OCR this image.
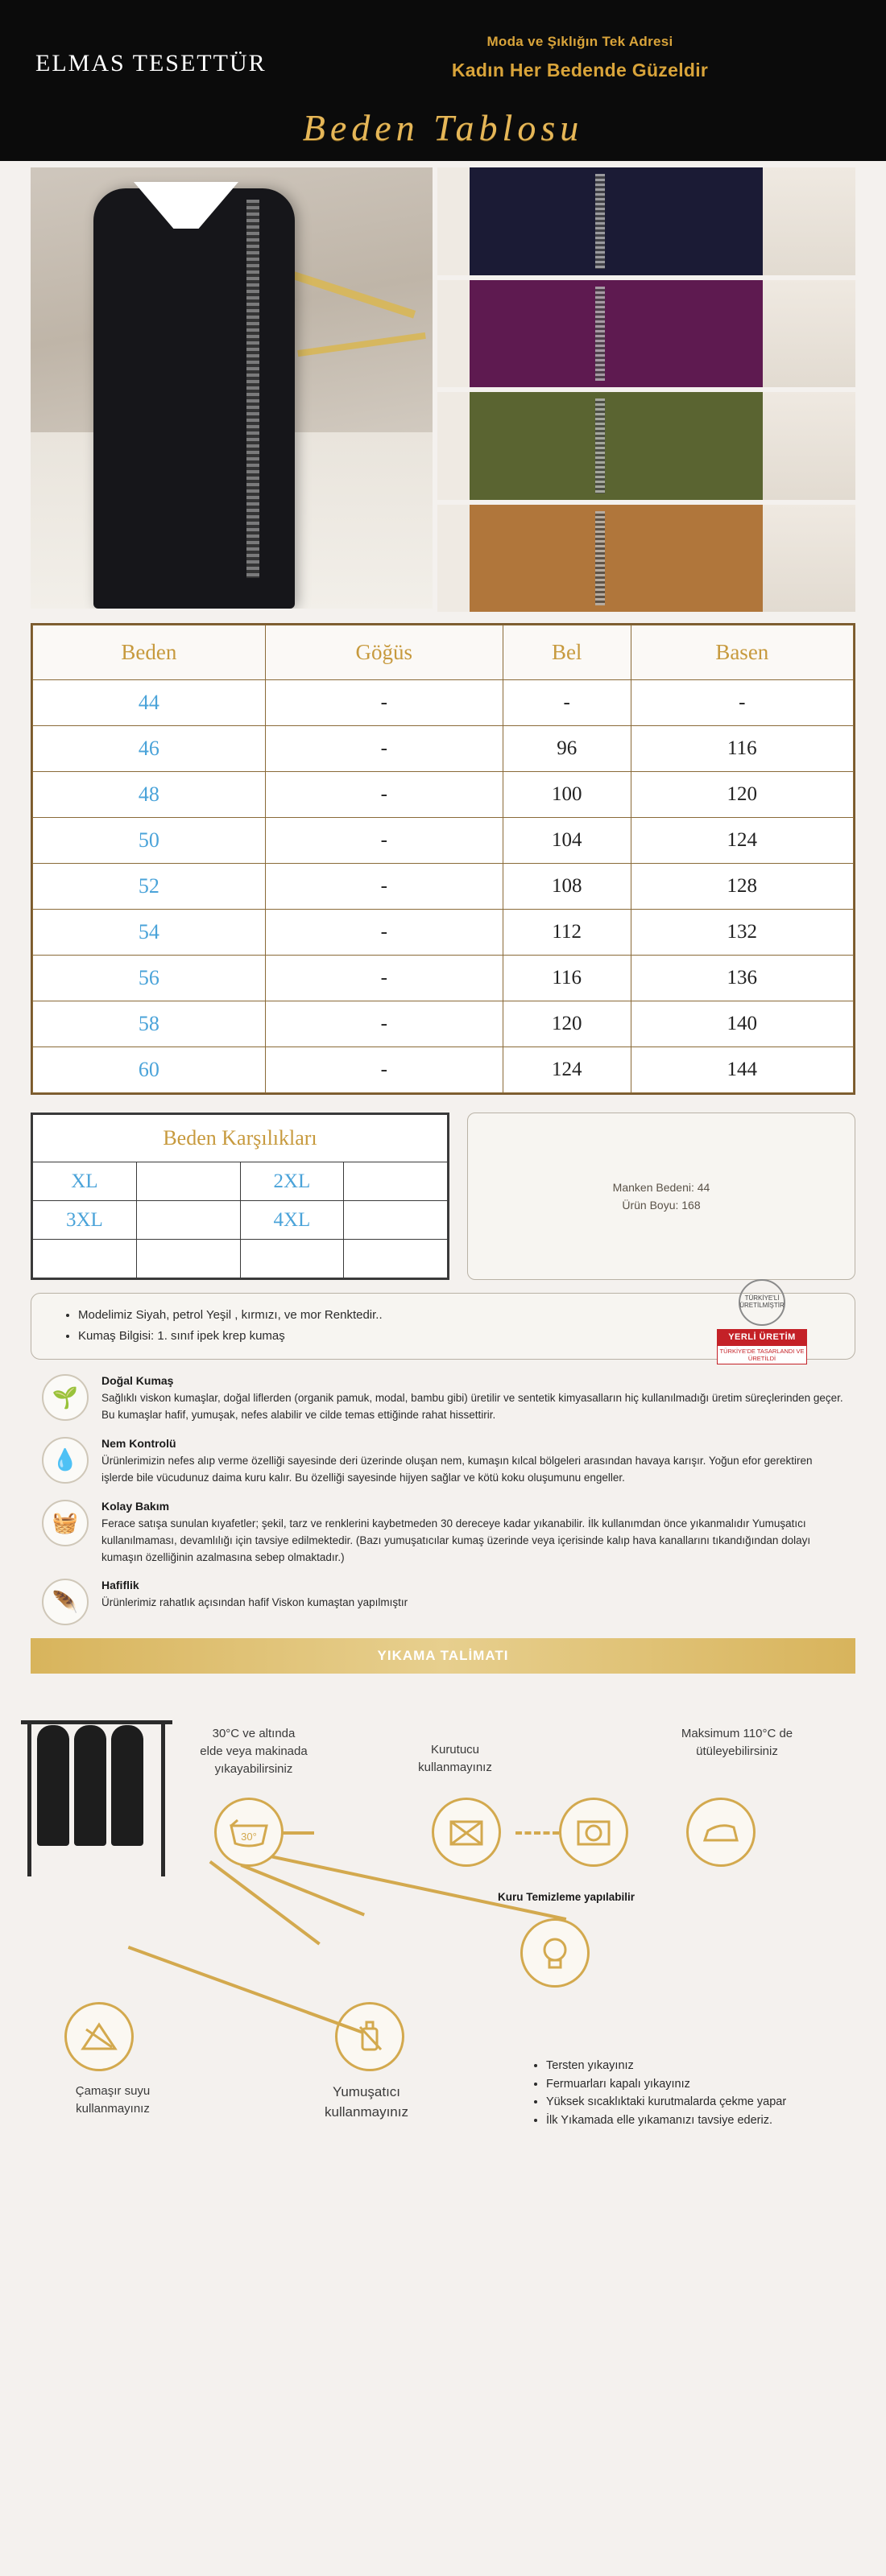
ELMAS TESETTÜR
Moda ve Şıklığın Tek Adresi
Kadın Her Bedende Güzeldir
Beden Tablosu
Beden	Göğüs	Bel	Basen
44	-	-	-
46	-	96	116
48	-	100	120
50	-	104	124
52	-	108	128
54	-	112	132
56	-	116	136
58	-	120	140
60	-	124	144
Beden Karşılıkları			
XL		2XL	
3XL		4XL	

Manken Bedeni: 44
Ürün Boyu: 168
• Modelimiz Siyah, petrol Yeşil , kırmızı, ve mor Renktedir..
• Kumaş Bilgisi: 1. sınıf ipek krep kumaş
🌱
Doğal Kumaş

Sağlıklı viskon kumaşlar, doğal liflerden (organik pamuk, modal, bambu gibi) üretilir ve sentetik kimyasalların hiç kullanılmadığı üretim süreçlerinden geçer. Bu kumaşlar hafif, yumuşak, nefes alabilir ve cilde temas ettiğinde rahat hissettirir.

💧
Nem Kontrolü

Ürünlerimizin nefes alıp verme özelliği sayesinde deri üzerinde oluşan nem, kumaşın kılcal bölgeleri arasından havaya karışır. Yoğun efor gerektiren işlerde bile vücudunuz daima kuru kalır. Bu özelliği sayesinde hijyen sağlar ve kötü koku oluşumunu engeller.

🧺
Kolay Bakım

Ferace satışa sunulan kıyafetler; şekil, tarz ve renklerini kaybetmeden 30 dereceye kadar yıkanabilir. İlk kullanımdan önce yıkanmalıdır Yumuşatıcı kullanılmaması, devamlılığı için tavsiye edilmektedir. (Bazı yumuşatıcılar kumaş üzerinde veya içerisinde kalıp hava kanallarını tıkandığından dolayı kumaşın özelliğinin azalmasına sebep olmaktadır.)

🪶
Hafiflik

Ürünlerimiz rahatlık açısından hafif Viskon kumaştan yapılmıştır

TÜRKİYE'Lİ ÜRETİLMİŞTİR
YERLİ ÜRETİM
TÜRKİYE'DE TASARLANDI VE ÜRETİLDİ
YIKAMA TALİMATI
30°C ve altında
elde veya makinada
yıkayabilirsiniz
Kurutucu
kullanmayınız
Maksimum 110°C de
ütüleyebilirsiniz
30°
Kuru Temizleme yapılabilir
Çamaşır suyu
kullanmayınız
Yumuşatıcı
kullanmayınız
• Tersten yıkayınız
• Fermuarları kapalı yıkayınız
• Yüksek sıcaklıktaki kurutmalarda çekme yapar
• İlk Yıkamada elle yıkamanızı tavsiye ederiz.
